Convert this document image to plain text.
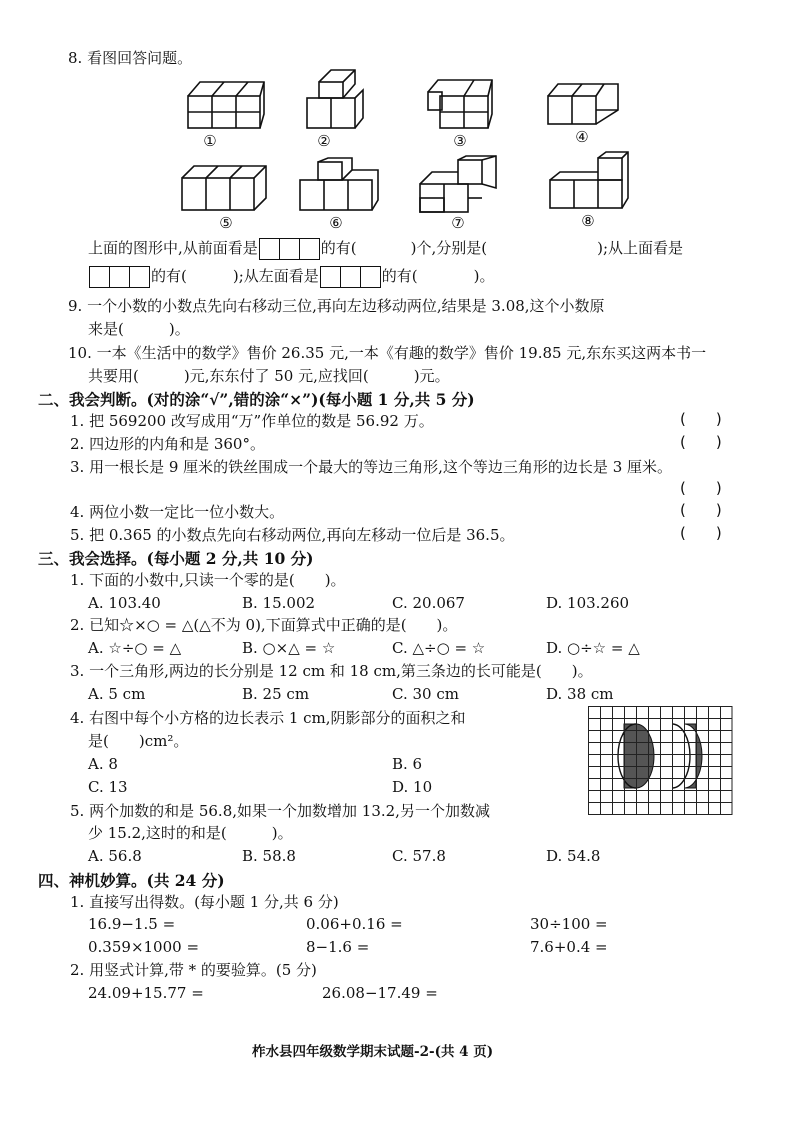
8. 看图回答问题。
①	②	③	④
⑤	⑥	⑦	⑧
上面的图形中,从前面看是	的有(	)个,分别是(	);从上面看是
的有(	);从左面看是	的有(	)。
9. 一个小数的小数点先向右移动三位,再向左边移动两位,结果是 3.08,这个小数原
来是(　　　)。
10. 一本《生活中的数学》售价 26.35 元,一本《有趣的数学》售价 19.85 元,东东买这两本书一
共要用(　　　)元,东东付了 50 元,应找回(　　　)元。
二、我会判断。(对的涂“√”,错的涂“×”)(每小题 1 分,共 5 分)
1. 把 569200 改写成用“万”作单位的数是 56.92 万。	(　　)
2. 四边形的内角和是 360°。	(　　)
3. 用一根长是 9 厘米的铁丝围成一个最大的等边三角形,这个等边三角形的边长是 3 厘米。
(　　)
4. 两位小数一定比一位小数大。	(　　)
5. 把 0.365 的小数点先向右移动两位,再向左移动一位后是 36.5。	(　　)
三、我会选择。(每小题 2 分,共 10 分)
1. 下面的小数中,只读一个零的是(　　)。
A. 103.40	B. 15.002	C. 20.067	D. 103.260
2. 已知☆×○ = △(△不为 0),下面算式中正确的是(　　)。
A. ☆÷○ = △	B. ○×△ = ☆	C. △÷○ = ☆	D. ○÷☆ = △
3. 一个三角形,两边的长分别是 12 cm 和 18 cm,第三条边的长可能是(　　)。
A. 5 cm	B. 25 cm	C. 30 cm	D. 38 cm
4. 右图中每个小方格的边长表示 1 cm,阴影部分的面积之和
是(　　)cm²。
A. 8	B. 6
C. 13	D. 10
5. 两个加数的和是 56.8,如果一个加数增加 13.2,另一个加数减
少 15.2,这时的和是(　　　)。
A. 56.8	B. 58.8	C. 57.8	D. 54.8
四、神机妙算。(共 24 分)
1. 直接写出得数。(每小题 1 分,共 6 分)
16.9−1.5 =	0.06+0.16 =	30÷100 =
0.359×1000 =	8−1.6 =	7.6+0.4 =
2. 用竖式计算,带 * 的要验算。(5 分)
24.09+15.77 =	26.08−17.49 =
柞水县四年级数学期末试题-2-(共 4 页)
